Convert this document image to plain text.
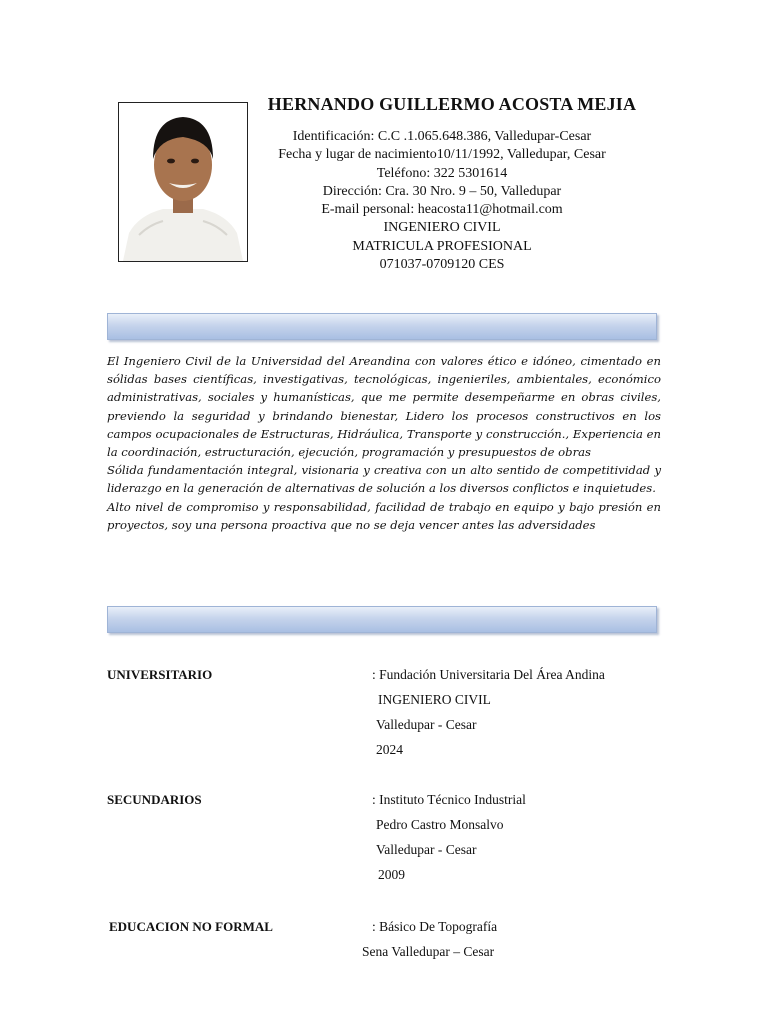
HERNANDO GUILLERMO ACOSTA MEJIA
Identificación: C.C .1.065.648.386, Valledupar-Cesar
Fecha y lugar de nacimiento10/11/1992, Valledupar, Cesar
Teléfono: 322 5301614
Dirección: Cra. 30 Nro. 9 – 50, Valledupar
E-mail personal: heacosta11@hotmail.com
INGENIERO CIVIL
MATRICULA PROFESIONAL
071037-0709120 CES

El Ingeniero Civil de la Universidad del Areandina con valores ético e idóneo, cimentado en sólidas bases científicas, investigativas, tecnológicas, ingenieriles, ambientales, económico administrativas, sociales y humanísticas, que me permite desempeñarme en obras civiles, previendo la seguridad y brindando bienestar, Lidero los procesos constructivos en los campos ocupacionales de Estructuras, Hidráulica, Transporte y construcción., Experiencia en la coordinación, estructuración, ejecución, programación y presupuestos de obras

Sólida fundamentación integral, visionaria y creativa con un alto sentido de competitividad y liderazgo en la generación de alternativas de solución a los diversos conflictos e inquietudes.

Alto nivel de compromiso y responsabilidad, facilidad de trabajo en equipo y bajo presión en proyectos, soy una persona proactiva que no se deja vencer antes las adversidades

UNIVERSITARIO	: Fundación Universitaria Del Área Andina
INGENIERO CIVIL
Valledupar - Cesar
2024
SECUNDARIOS	: Instituto Técnico Industrial
Pedro Castro Monsalvo
Valledupar - Cesar
2009
EDUCACION NO FORMAL	: Básico De Topografía
Sena Valledupar – Cesar
